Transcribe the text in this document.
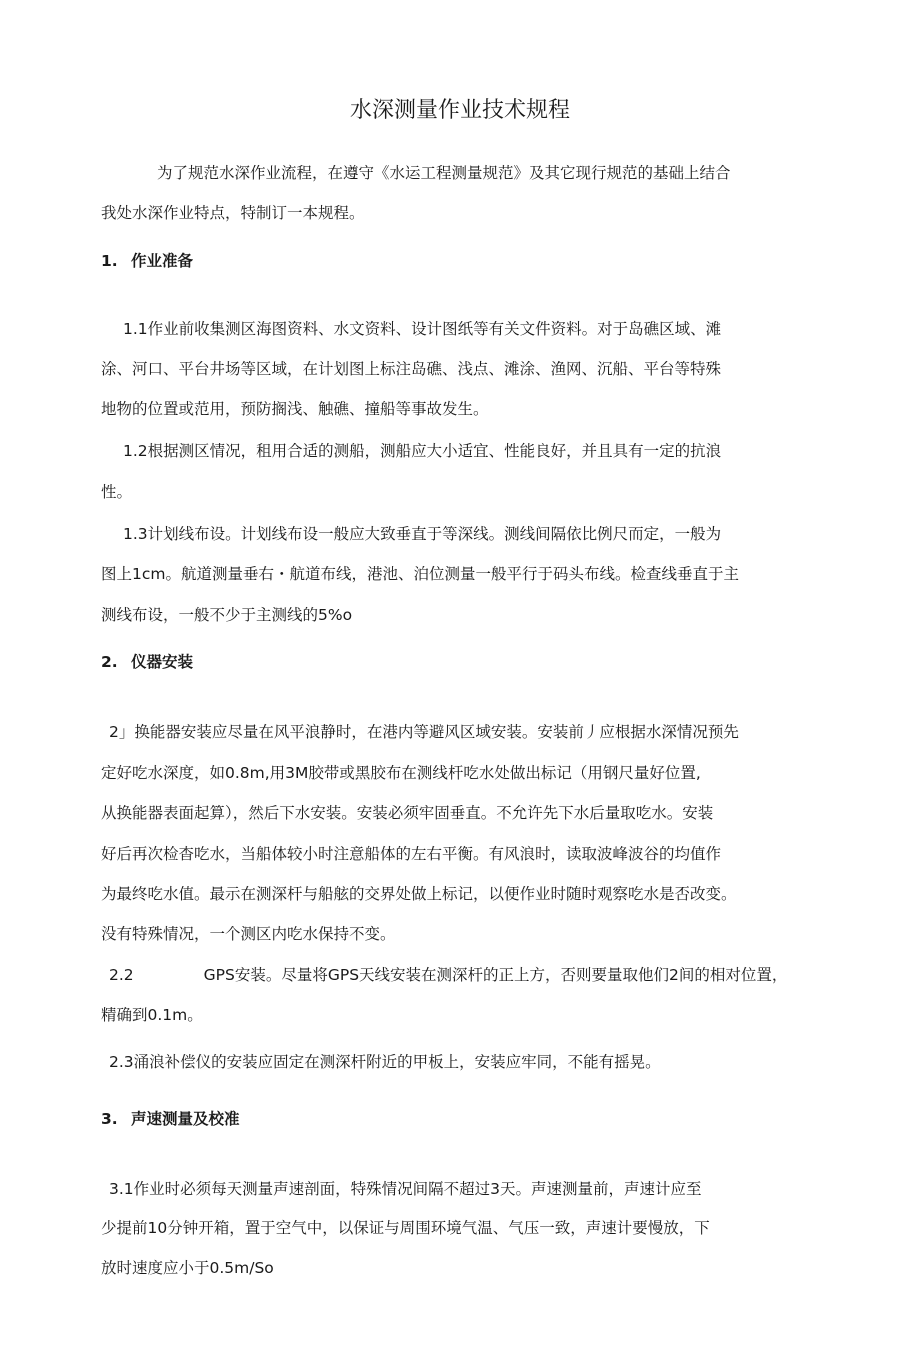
水深测量作业技术规程
为了规范水深作业流程，在遵守《水运工程测量规范》及其它现行规范的基础上结合
我处水深作业特点，特制订一本规程。
1. 作业准备
1.1作业前收集测区海图资料、水文资料、设计图纸等有关文件资料。对于岛礁区域、滩
涂、河口、平台井场等区域，在计划图上标注岛礁、浅点、滩涂、渔网、沉船、平台等特殊
地物的位置或范用，预防搁浅、触礁、撞船等事故发生。
1.2根据测区情况，租用合适的测船，测船应大小适宜、性能良好，并且具有一定的抗浪
性。
1.3计划线布设。计划线布设一般应大致垂直于等深线。测线间隔依比例尺而定，一般为
图上1cm。航道测量垂右・航道布线，港池、泊位测量一般平行于码头布线。检查线垂直于主
测线布设，一般不少于主测线的5%o
2. 仪器安装
2」换能器安装应尽量在风平浪静时，在港内等避风区域安装。安装前丿应根据水深情况预先
定好吃水深度，如0.8m,用3M胶带或黑胶布在测线杆吃水处做出标记（用钢尺量好位置,
从换能器表面起算），然后下水安装。安装必须牢固垂直。不允许先下水后量取吃水。安装
好后再次检杳吃水，当船体较小时注意船体的左右平衡。有风浪时，读取波峰波谷的均值作
为最终吃水值。最示在测深杆与船舷的交界处做上标记，以便作业时随时观察吃水是否改变。
没有特殊情况，一个测区内吃水保持不变。
2.2	GPS安装。尽量将GPS天线安装在测深杆的正上方，否则要量取他们2间的相对位置，
精确到0.1m。
2.3涌浪补偿仪的安装应固定在测深杆附近的甲板上，安装应牢同，不能有摇晃。
3. 声速测量及校准
3.1作业时必须每天测量声速剖面，特殊情况间隔不超过3天。声速测量前，声速计应至
少提前10分钟开箱，置于空气中，以保证与周围环境气温、气压一致，声速计要慢放，下
放时速度应小于0.5m/So
